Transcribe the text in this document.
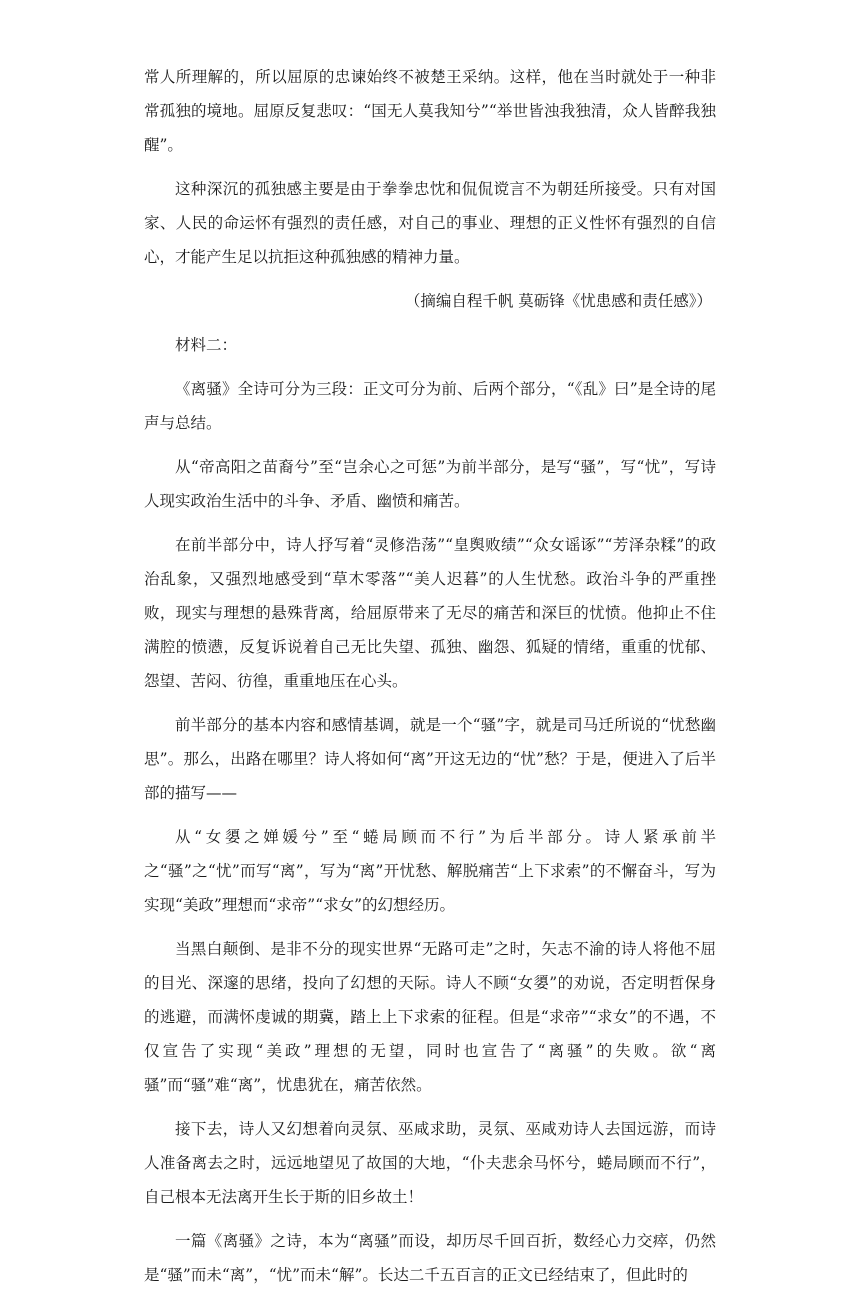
常人所理解的，所以屈原的忠谏始终不被楚王采纳。这样，他在当时就处于一种非常孤独的境地。屈原反复悲叹：“国无人莫我知兮”“举世皆浊我独清，众人皆醉我独醒”。

这种深沉的孤独感主要是由于拳拳忠忱和侃侃谠言不为朝廷所接受。只有对国家、人民的命运怀有强烈的责任感，对自己的事业、理想的正义性怀有强烈的自信心，才能产生足以抗拒这种孤独感的精神力量。

（摘编自程千帆 莫砺锋《忧患感和责任感》）

材料二：

《离骚》全诗可分为三段：正文可分为前、后两个部分，“《乱》曰”是全诗的尾声与总结。

从“帝高阳之苗裔兮”至“岂余心之可惩”为前半部分，是写“骚”，写“忧”，写诗人现实政治生活中的斗争、矛盾、幽愤和痛苦。

在前半部分中，诗人抒写着“灵修浩荡”“皇舆败绩”“众女谣诼”“芳泽杂糅”的政治乱象，又强烈地感受到“草木零落”“美人迟暮”的人生忧愁。政治斗争的严重挫败，现实与理想的悬殊背离，给屈原带来了无尽的痛苦和深巨的忧愤。他抑止不住满腔的愤懑，反复诉说着自己无比失望、孤独、幽怨、狐疑的情绪，重重的忧郁、怨望、苦闷、彷徨，重重地压在心头。

前半部分的基本内容和感情基调，就是一个“骚”字，就是司马迁所说的“忧愁幽思”。那么，出路在哪里？诗人将如何“离”开这无边的“忧”愁？于是，便进入了后半部的描写——

从“女嬃之婵媛兮”至“蜷局顾而不行”为后半部分。诗人紧承前半之“骚”之“忧”而写“离”，写为“离”开忧愁、解脱痛苦“上下求索”的不懈奋斗，写为实现“美政”理想而“求帝”“求女”的幻想经历。

当黑白颠倒、是非不分的现实世界“无路可走”之时，矢志不渝的诗人将他不屈的目光、深邃的思绪，投向了幻想的天际。诗人不顾“女嬃”的劝说，否定明哲保身的逃避，而满怀虔诚的期冀，踏上上下求索的征程。但是“求帝”“求女”的不遇，不仅宣告了实现“美政”理想的无望，同时也宣告了“离骚”的失败。欲“离骚”而“骚”难“离”，忧患犹在，痛苦依然。

接下去，诗人又幻想着向灵氛、巫咸求助，灵氛、巫咸劝诗人去国远游，而诗人准备离去之时，远远地望见了故国的大地，“仆夫悲余马怀兮，蜷局顾而不行”，自己根本无法离开生长于斯的旧乡故土！

一篇《离骚》之诗，本为“离骚”而设，却历尽千回百折，数经心力交瘁，仍然是“骚”而未“离”，“忧”而未“解”。长达二千五百言的正文已经结束了，但此时的
